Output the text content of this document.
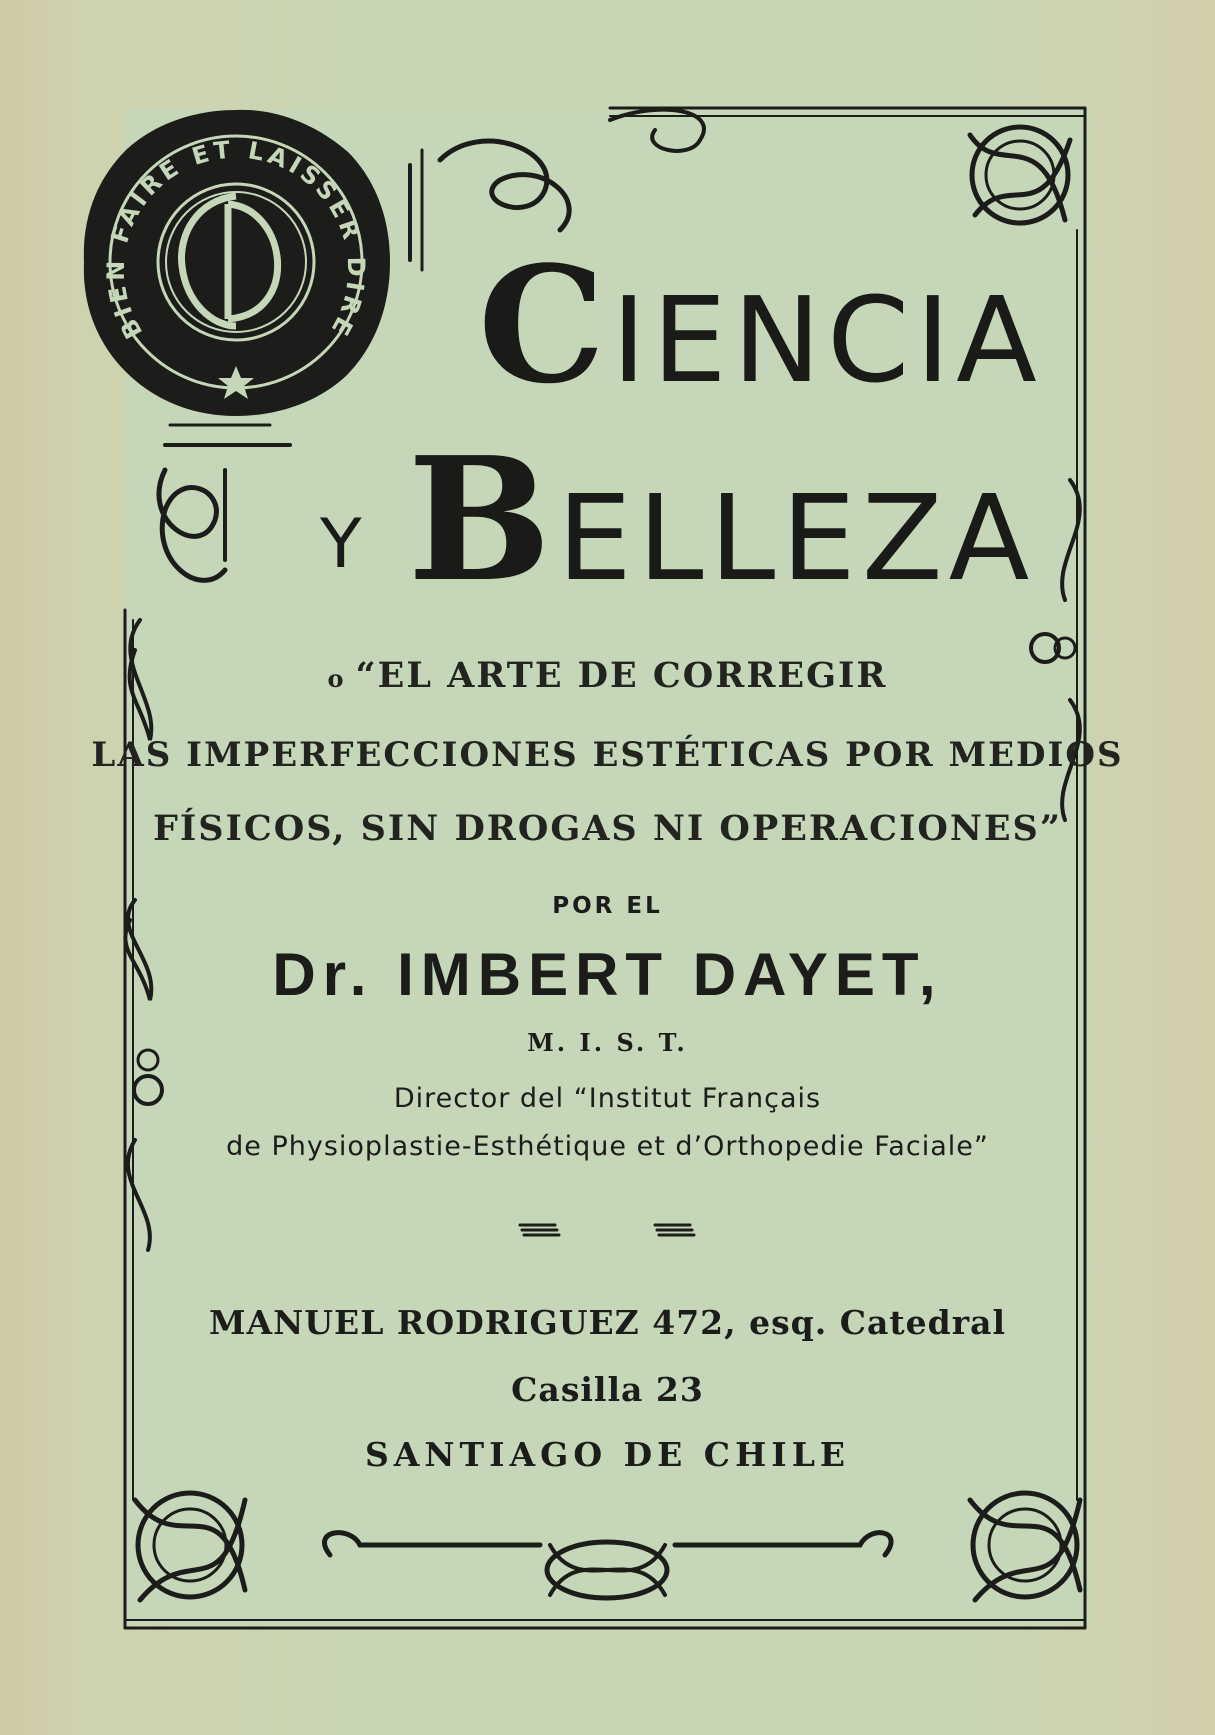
BIEN FAIRE ET LAISSER DIRE CIENCIA
Y BELLEZA
o “EL ARTE DE CORREGIR
LAS IMPERFECCIONES ESTÉTICAS POR MEDIOS
FÍSICOS, SIN DROGAS NI OPERACIONES”
POR EL
Dr. IMBERT DAYET,
M. I. S. T.
Director del “Institut Français
de Physioplastie-Esthétique et d’Orthopedie Faciale”
MANUEL RODRIGUEZ 472, esq. Catedral
Casilla 23
SANTIAGO DE CHILE
